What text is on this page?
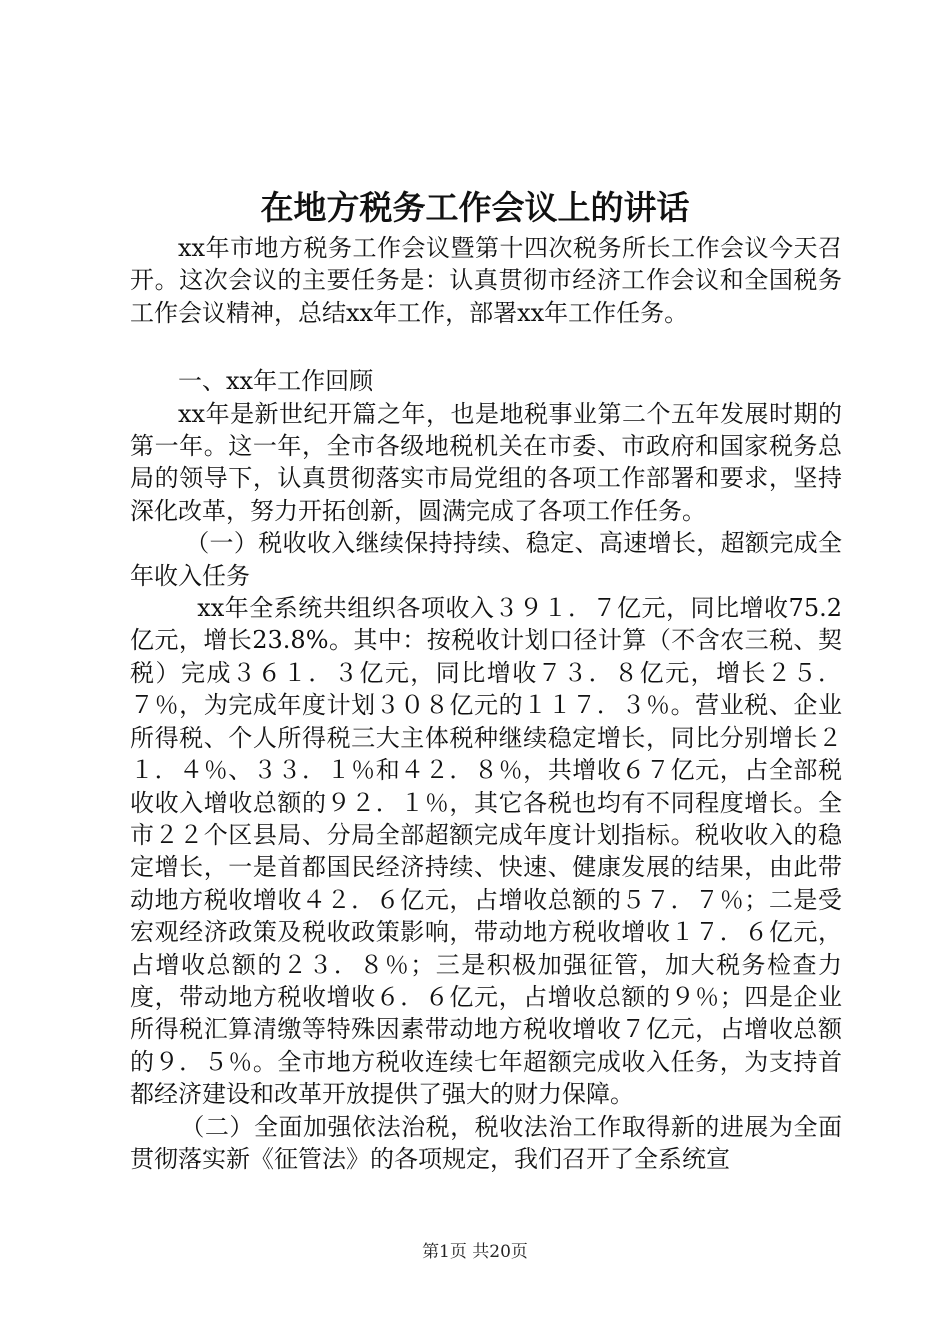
在地方税务工作会议上的讲话

xx年市地方税务工作会议暨第十四次税务所长工作会议今天召开。这次会议的主要任务是：认真贯彻市经济工作会议和全国税务工作会议精神，总结xx年工作，部署xx年工作任务。

一、xx年工作回顾

xx年是新世纪开篇之年，也是地税事业第二个五年发展时期的第一年。这一年，全市各级地税机关在市委、市政府和国家税务总局的领导下，认真贯彻落实市局党组的各项工作部署和要求，坚持深化改革，努力开拓创新，圆满完成了各项工作任务。

（一）税收收入继续保持持续、稳定、高速增长，超额完成全年收入任务

xx年全系统共组织各项收入３９１．７亿元，同比增收75.2亿元，增长23.8%。其中：按税收计划口径计算（不含农三税、契税）完成３６１．３亿元，同比增收７３．８亿元，增长２５．７％，为完成年度计划３０８亿元的１１７．３％。营业税、企业所得税、个人所得税三大主体税种继续稳定增长，同比分别增长２１．４％、３３．１％和４２．８％，共增收６７亿元，占全部税收收入增收总额的９２．１％，其它各税也均有不同程度增长。全市２２个区县局、分局全部超额完成年度计划指标。税收收入的稳定增长，一是首都国民经济持续、快速、健康发展的结果，由此带动地方税收增收４２．６亿元，占增收总额的５７．７％；二是受宏观经济政策及税收政策影响，带动地方税收增收１７．６亿元，占增收总额的２３．８％；三是积极加强征管，加大税务检查力度，带动地方税收增收６．６亿元，占增收总额的９％；四是企业所得税汇算清缴等特殊因素带动地方税收增收７亿元，占增收总额的９．５％。全市地方税收连续七年超额完成收入任务，为支持首都经济建设和改革开放提供了强大的财力保障。

（二）全面加强依法治税，税收法治工作取得新的进展为全面贯彻落实新《征管法》的各项规定，我们召开了全系统宣

第1页 共20页
